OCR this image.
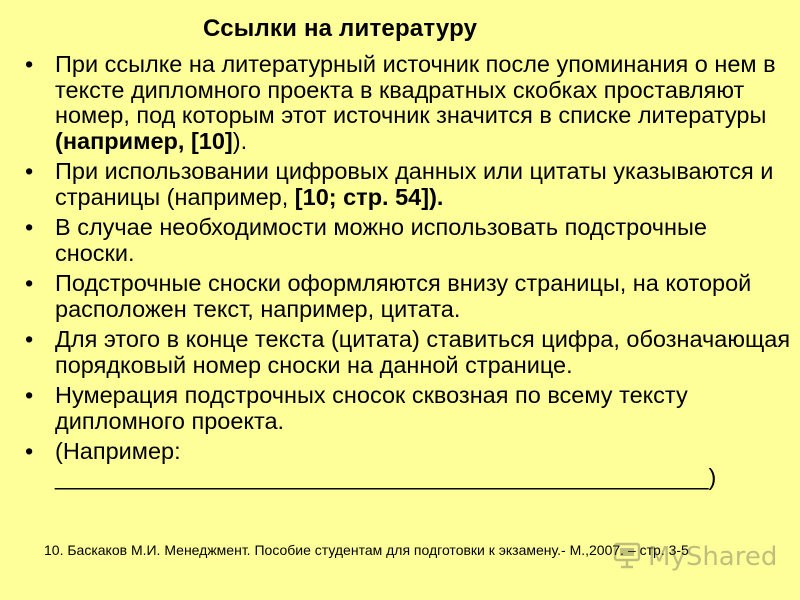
Ссылки на литературу
• При ссылке на литературный источник после упоминания о нем в тексте дипломного проекта в квадратных скобках проставляют номер, под которым этот источник значится в списке литературы (например, [10]).
• При использовании цифровых данных или цитаты указываются и страницы (например, [10; стр. 54]).
• В случае необходимости можно использовать подстрочные сноски.
• Подстрочные сноски оформляются внизу страницы, на которой расположен текст, например, цитата.
• Для этого в конце текста (цитата) ставиться цифра, обозначающая порядковый номер сноски на данной странице.
• Нумерация подстрочных сносок сквозная по всему тексту дипломного проекта.
• (Например:
__________________________________________________)
10. Баскаков М.И. Менеджмент. Пособие студентам для подготовки к экзамену.- М.,2007. – стр. 3-5
MyShared
